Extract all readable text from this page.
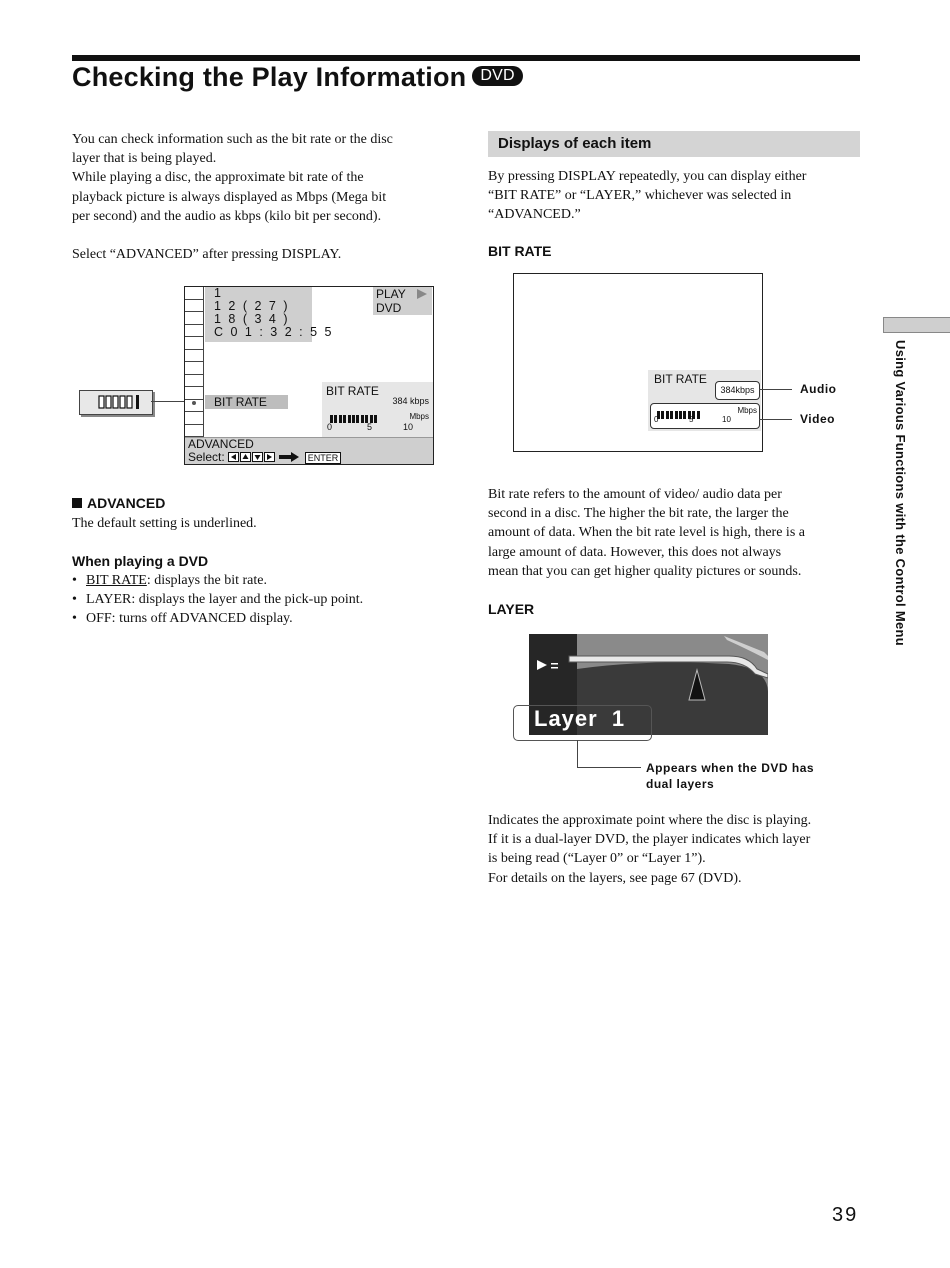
Checking the Play Information DVD

You can check information such as the bit rate or the disc

layer that is being played.

While playing a disc, the approximate bit rate of the

playback picture is always displayed as Mbps (Mega bit

per second) and the audio as kbps (kilo bit per second).

Select “ADVANCED” after pressing DISPLAY.
1
1 2 ( 2 7 )
1 8 ( 3 4 )
C 0 1 : 3 2 : 5 5
PLAY

DVD
BIT RATE
BIT RATE
384 kbps
Mbps
0	5	10
ADVANCED
Select:	ENTER
ADVANCED
The default setting is underlined.
When playing a DVD
• BIT RATE: displays the bit rate.
• LAYER: displays the layer and the pick-up point.
• OFF: turns off ADVANCED display.
Displays of each item

By pressing DISPLAY repeatedly, you can display either

“BIT RATE” or “LAYER,” whichever was selected in

“ADVANCED.”

BIT RATE
BIT RATE
384kbps
Mbps
0	5	10
Audio
Video

Bit rate refers to the amount of video/ audio data per

second in a disc. The higher the bit rate, the larger the

amount of data. When the bit rate level is high, there is a

large amount of data. However, this does not always

mean that you can get higher quality pictures or sounds.

LAYER
Layer  1
Appears when the DVD has
dual layers

Indicates the approximate point where the disc is playing.

If it is a dual-layer DVD, the player indicates which layer

is being read (“Layer 0” or “Layer 1”).

For details on the layers, see page 67 (DVD).

Using Various Functions with the Control Menu
39
